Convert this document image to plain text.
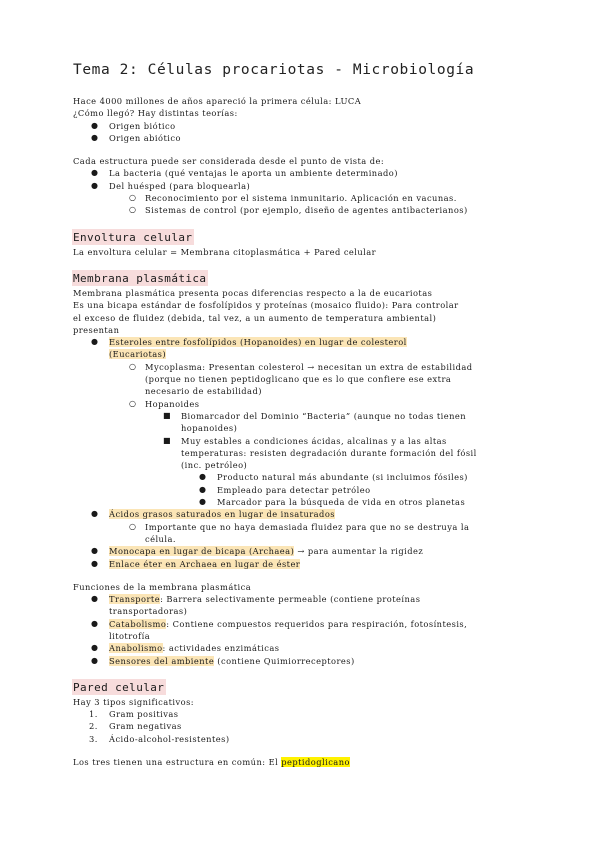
Tema 2: Células procariotas - Microbiología

Hace 4000 millones de años apareció la primera célula: LUCA

¿Cómo llegó? Hay distintas teorías:

● Origen biótico
● Origen abiótico

Cada estructura puede ser considerada desde el punto de vista de:

● La bacteria (qué ventajas le aporta un ambiente determinado)
● Del huésped (para bloquearla)
○ Reconocimiento por el sistema inmunitario. Aplicación en vacunas.
○ Sistemas de control (por ejemplo, diseño de agentes antibacterianos)
Envoltura celular

La envoltura celular = Membrana citoplasmática + Pared celular

Membrana plasmática

Membrana plasmática presenta pocas diferencias respecto a la de eucariotas

Es una bicapa estándar de fosfolípidos y proteínas (mosaico fluido): Para controlar

el exceso de fluidez (debida, tal vez, a un aumento de temperatura ambiental)

presentan

● Esteroles entre fosfolípidos (Hopanoides) en lugar de colesterol
(Eucariotas)
○ Mycoplasma: Presentan colesterol → necesitan un extra de estabilidad
(porque no tienen peptidoglicano que es lo que confiere ese extra
necesario de estabilidad)
○ Hopanoides
■ Biomarcador del Dominio “Bacteria” (aunque no todas tienen
hopanoides)
■ Muy estables a condiciones ácidas, alcalinas y a las altas
temperaturas: resisten degradación durante formación del fósil
(inc. petróleo)
● Producto natural más abundante (si incluimos fósiles)
● Empleado para detectar petróleo
● Marcador para la búsqueda de vida en otros planetas
● Ácidos grasos saturados en lugar de insaturados
○ Importante que no haya demasiada fluidez para que no se destruya la
célula.
● Monocapa en lugar de bicapa (Archaea) → para aumentar la rigidez
● Enlace éter en Archaea en lugar de éster

Funciones de la membrana plasmática

● Transporte: Barrera selectivamente permeable (contiene proteínas
transportadoras)
● Catabolismo: Contiene compuestos requeridos para respiración, fotosíntesis,
litotrofía
● Anabolismo: actividades enzimáticas
● Sensores del ambiente (contiene Quimiorreceptores)
Pared celular

Hay 3 tipos significativos:

1. Gram positivas
2. Gram negativas
3. Ácido-alcohol-resistentes)

Los tres tienen una estructura en común: El peptidoglicano
